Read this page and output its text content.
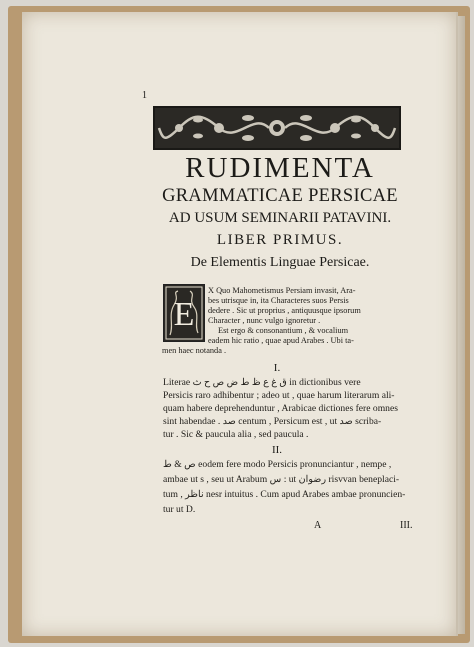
1
RUDIMENTA
GRAMMATICAE PERSICAE
AD USUM SEMINARII PATAVINI.
LIBER PRIMUS.
De Elementis Linguae Persicae.
E
X Quo Mahometismus Persiam invasit, Ara-
bes utrisque in, ita Characteres suos Persis
dedere . Sic ut proprius , antiquusque ipsorum
Character , nunc vulgo ignoretur .
Est ergo & consonantium , & vocalium
eadem hic ratio , quae apud Arabes . Ubi ta-
men haec notanda .
I.
Literae ق غ ع ظ ط ض ص ح ث in dictionibus vere
Persicis raro adhibentur ; adeo ut , quae harum literarum ali-
quam habere deprehenduntur , Arabicae dictiones fere omnes
sint habendae . صد centum , Persicum est , ut صد scriba-
tur . Sic & paucula alia , sed paucula .
II.
ص & ط eodem fere modo Persicis pronunciantur , nempe ,
ambae ut s , seu ut Arabum س : ut رضوان risvvan beneplaci-
tum , ناظر nesr intuitus . Cum apud Arabes ambae pronuncien-
tur ut D.
A	III.
